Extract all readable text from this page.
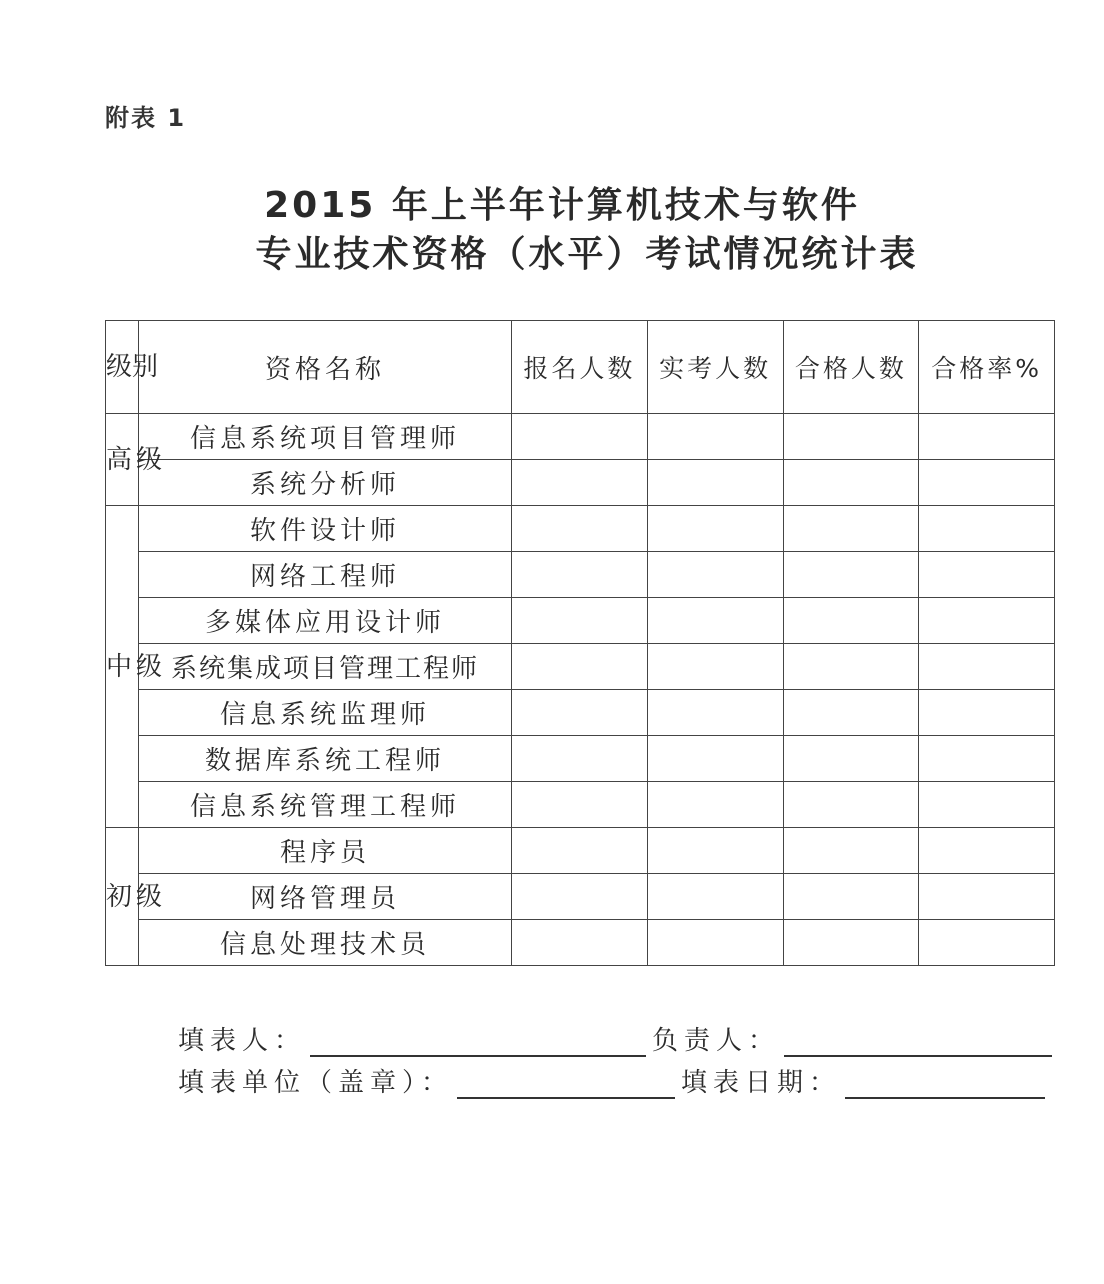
附表 1
2015 年上半年计算机技术与软件
专业技术资格（水平）考试情况统计表
级别	资格名称	报名人数	实考人数	合格人数	合格率%
高级	信息系统项目管理师				
	系统分析师				
中级	软件设计师				
	网络工程师				
	多媒体应用设计师				
	系统集成项目管理工程师				
	信息系统监理师				
	数据库系统工程师				
	信息系统管理工程师				
初级	程序员				
	网络管理员				
	信息处理技术员				
填表人：	负责人：
填表单位（盖章）：	填表日期：
